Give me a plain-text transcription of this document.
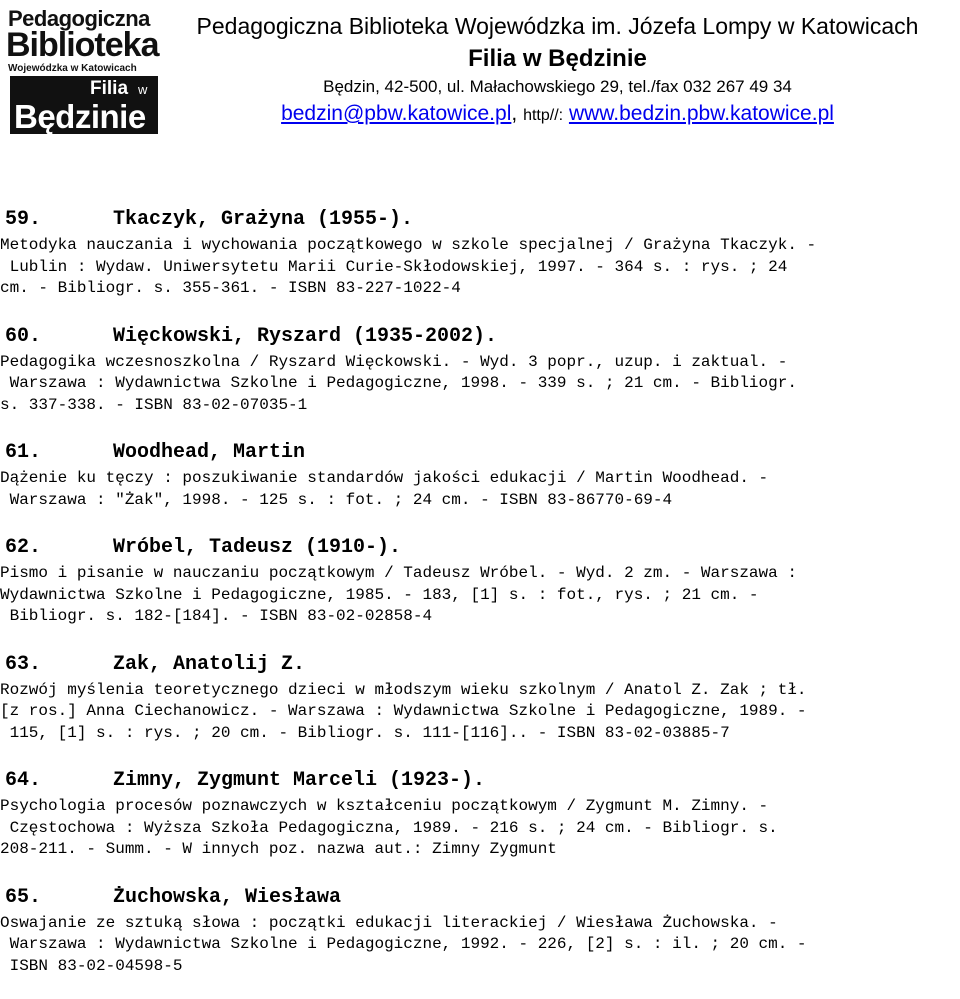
Pedagogiczna
Biblioteka
Wojewódzka w Katowicach
Filia w
Będzinie
Pedagogiczna Biblioteka Wojewódzka im. Józefa Lompy w Katowicach
Filia w Będzinie
Będzin, 42-500, ul. Małachowskiego 29, tel./fax 032 267 49 34
bedzin@pbw.katowice.pl, http//: www.bedzin.pbw.katowice.pl
59.	Tkaczyk, Grażyna (1955-).
Metodyka nauczania i wychowania początkowego w szkole specjalnej / Grażyna Tkaczyk. -
Lublin : Wydaw. Uniwersytetu Marii Curie-Skłodowskiej, 1997. - 364 s. : rys. ; 24
cm. - Bibliogr. s. 355-361. - ISBN 83-227-1022-4
60.	Więckowski, Ryszard (1935-2002).
Pedagogika wczesnoszkolna / Ryszard Więckowski. - Wyd. 3 popr., uzup. i zaktual. -
Warszawa : Wydawnictwa Szkolne i Pedagogiczne, 1998. - 339 s. ; 21 cm. - Bibliogr.
s. 337-338. - ISBN 83-02-07035-1
61.	Woodhead, Martin
Dążenie ku tęczy : poszukiwanie standardów jakości edukacji / Martin Woodhead. -
Warszawa : "Żak", 1998. - 125 s. : fot. ; 24 cm. - ISBN 83-86770-69-4
62.	Wróbel, Tadeusz (1910-).
Pismo i pisanie w nauczaniu początkowym / Tadeusz Wróbel. - Wyd. 2 zm. - Warszawa :
Wydawnictwa Szkolne i Pedagogiczne, 1985. - 183, [1] s. : fot., rys. ; 21 cm. -
Bibliogr. s. 182-[184]. - ISBN 83-02-02858-4
63.	Zak, Anatolij Z.
Rozwój myślenia teoretycznego dzieci w młodszym wieku szkolnym / Anatol Z. Zak ; tł.
[z ros.] Anna Ciechanowicz. - Warszawa : Wydawnictwa Szkolne i Pedagogiczne, 1989. -
115, [1] s. : rys. ; 20 cm. - Bibliogr. s. 111-[116].. - ISBN 83-02-03885-7
64.	Zimny, Zygmunt Marceli (1923-).
Psychologia procesów poznawczych w kształceniu początkowym / Zygmunt M. Zimny. -
Częstochowa : Wyższa Szkoła Pedagogiczna, 1989. - 216 s. ; 24 cm. - Bibliogr. s.
208-211. - Summ. - W innych poz. nazwa aut.: Zimny Zygmunt
65.	Żuchowska, Wiesława
Oswajanie ze sztuką słowa : początki edukacji literackiej / Wiesława Żuchowska. -
Warszawa : Wydawnictwa Szkolne i Pedagogiczne, 1992. - 226, [2] s. : il. ; 20 cm. -
ISBN 83-02-04598-5
